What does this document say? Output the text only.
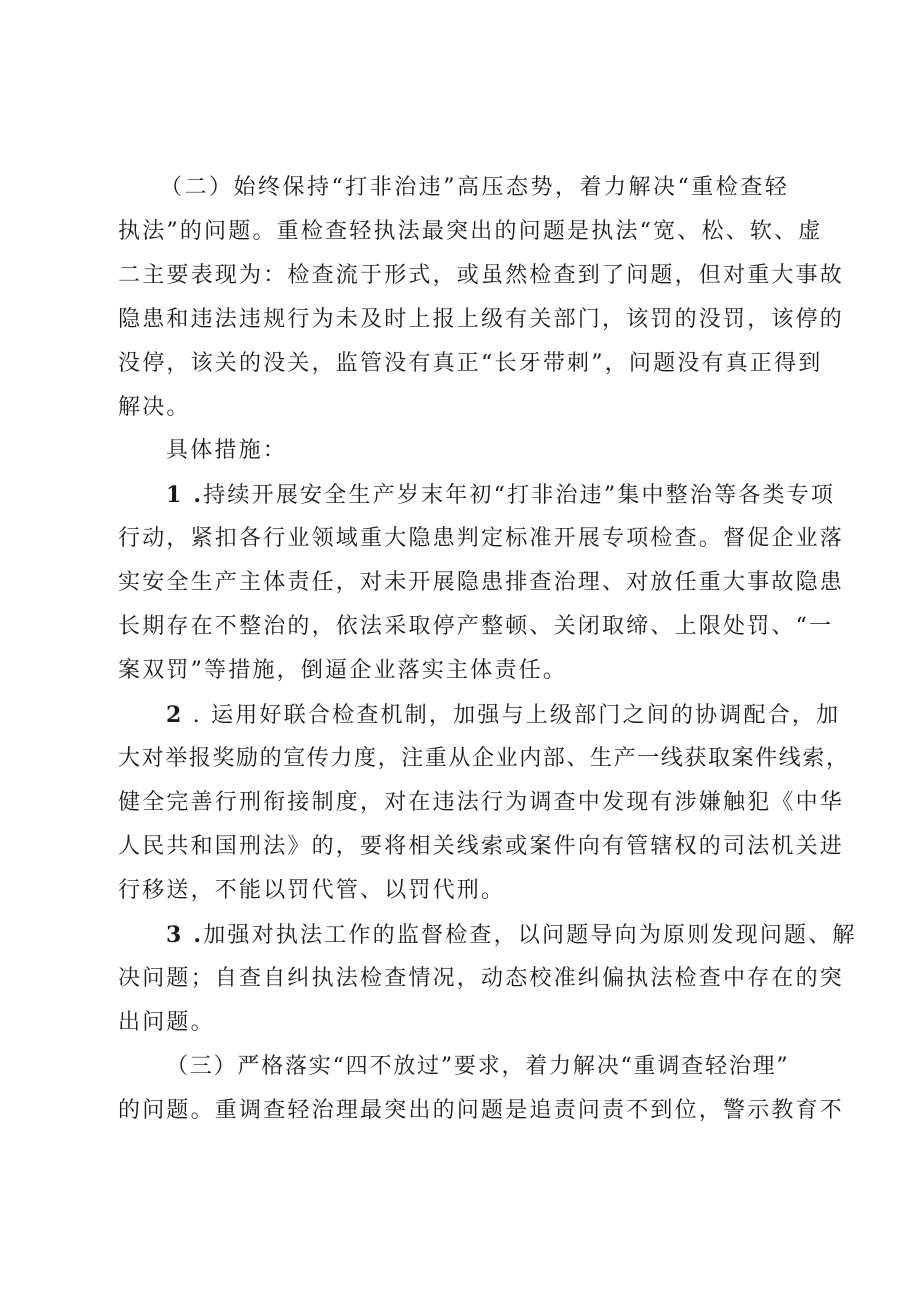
（二）始终保持“打非治违”高压态势，着力解决“重检查轻
执法”的问题。重检查轻执法最突出的问题是执法“宽、松、软、虚
二主要表现为：检查流于形式，或虽然检查到了问题，但对重大事故
隐患和违法违规行为未及时上报上级有关部门，该罚的没罚，该停的
没停，该关的没关，监管没有真正“长牙带刺”，问题没有真正得到
解决。
具体措施：
1 .持续开展安全生产岁末年初“打非治违”集中整治等各类专项
行动，紧扣各行业领域重大隐患判定标准开展专项检查。督促企业落
实安全生产主体责任，对未开展隐患排查治理、对放任重大事故隐患
长期存在不整治的，依法采取停产整顿、关闭取缔、上限处罚、“一
案双罚”等措施，倒逼企业落实主体责任。
2 . 运用好联合检查机制，加强与上级部门之间的协调配合，加
大对举报奖励的宣传力度，注重从企业内部、生产一线获取案件线索，
健全完善行刑衔接制度，对在违法行为调查中发现有涉嫌触犯《中华
人民共和国刑法》的，要将相关线索或案件向有管辖权的司法机关进
行移送，不能以罚代管、以罚代刑。
3 .加强对执法工作的监督检查，以问题导向为原则发现问题、解
决问题；自查自纠执法检查情况，动态校准纠偏执法检查中存在的突
出问题。
（三）严格落实“四不放过”要求，着力解决“重调查轻治理”
的问题。重调查轻治理最突出的问题是追责问责不到位，警示教育不
